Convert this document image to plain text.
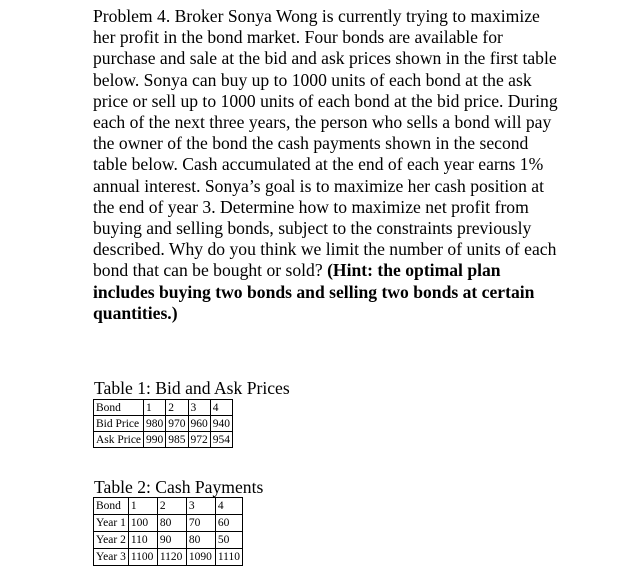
Problem 4. Broker Sonya Wong is currently trying to maximize her profit in the bond market. Four bonds are available for purchase and sale at the bid and ask prices shown in the first table below. Sonya can buy up to 1000 units of each bond at the ask price or sell up to 1000 units of each bond at the bid price. During each of the next three years, the person who sells a bond will pay the owner of the bond the cash payments shown in the second table below. Cash accumulated at the end of each year earns 1% annual interest. Sonya’s goal is to maximize her cash position at the end of year 3. Determine how to maximize net profit from buying and selling bonds, subject to the constraints previously described. Why do you think we limit the number of units of each bond that can be bought or sold? (Hint: the optimal plan includes buying two bonds and selling two bonds at certain quantities.)

Table 1: Bid and Ask Prices

Bond	1	2	3	4
Bid Price	980	970	960	940
Ask Price	990	985	972	954

Table 2: Cash Payments

Bond	1	2	3	4
Year 1	100	80	70	60
Year 2	110	90	80	50
Year 3	1100	1120	1090	1110
